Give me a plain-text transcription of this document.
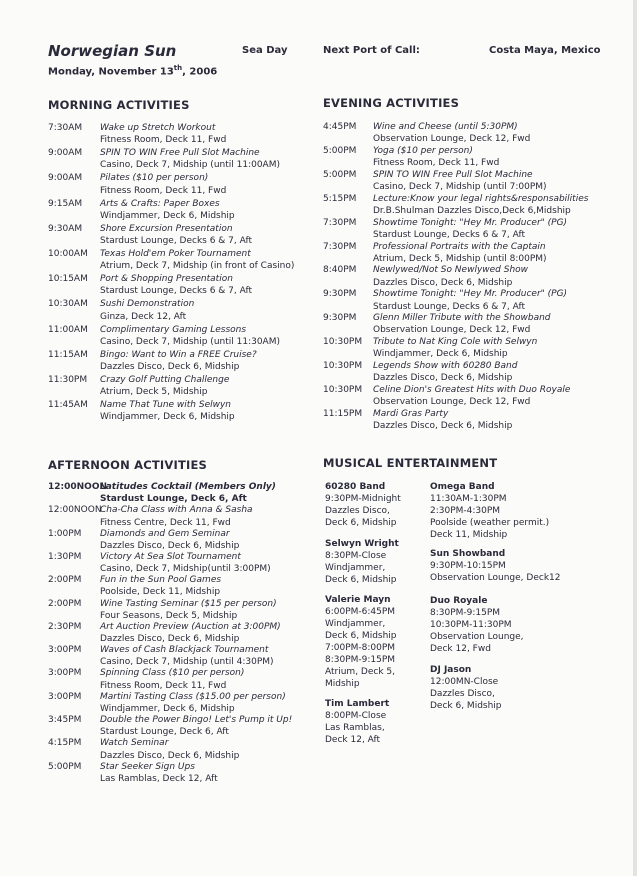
Norwegian Sun
Monday, November 13th, 2006
Sea Day	Next Port of Call:	Costa Maya, Mexico
MORNING ACTIVITIES	EVENING ACTIVITIES
AFTERNOON ACTIVITIES	MUSICAL ENTERTAINMENT
7:30AM Wake up Stretch Workout
Fitness Room, Deck 11, Fwd
9:00AM SPIN TO WIN Free Pull Slot Machine
Casino, Deck 7, Midship (until 11:00AM)
9:00AM Pilates ($10 per person)
Fitness Room, Deck 11, Fwd
9:15AM Arts & Crafts: Paper Boxes
Windjammer, Deck 6, Midship
9:30AM Shore Excursion Presentation
Stardust Lounge, Decks 6 & 7, Aft
10:00AM Texas Hold'em Poker Tournament
Atrium, Deck 7, Midship (in front of Casino)
10:15AM Port & Shopping Presentation
Stardust Lounge, Decks 6 & 7, Aft
10:30AM Sushi Demonstration
Ginza, Deck 12, Aft
11:00AM Complimentary Gaming Lessons
Casino, Deck 7, Midship (until 11:30AM)
11:15AM Bingo: Want to Win a FREE Cruise?
Dazzles Disco, Deck 6, Midship
11:30PM Crazy Golf Putting Challenge
Atrium, Deck 5, Midship
11:45AM Name That Tune with Selwyn
Windjammer, Deck 6, Midship
4:45PM Wine and Cheese (until 5:30PM)
Observation Lounge, Deck 12, Fwd
5:00PM Yoga ($10 per person)
Fitness Room, Deck 11, Fwd
5:00PM SPIN TO WIN Free Pull Slot Machine
Casino, Deck 7, Midship (until 7:00PM)
5:15PM Lecture:Know your legal rights&responsabilities
Dr.B.Shulman Dazzles Disco,Deck 6,Midship
7:30PM Showtime Tonight: "Hey Mr. Producer" (PG)
Stardust Lounge, Decks 6 & 7, Aft
7:30PM Professional Portraits with the Captain
Atrium, Deck 5, Midship (until 8:00PM)
8:40PM Newlywed/Not So Newlywed Show
Dazzles Disco, Deck 6, Midship
9:30PM Showtime Tonight: "Hey Mr. Producer" (PG)
Stardust Lounge, Decks 6 & 7, Aft
9:30PM Glenn Miller Tribute with the Showband
Observation Lounge, Deck 12, Fwd
10:30PM Tribute to Nat King Cole with Selwyn
Windjammer, Deck 6, Midship
10:30PM Legends Show with 60280 Band
Dazzles Disco, Deck 6, Midship
10:30PM Celine Dion's Greatest Hits with Duo Royale
Observation Lounge, Deck 12, Fwd
11:15PM Mardi Gras Party
Dazzles Disco, Deck 6, Midship
12:00NOON
Latitudes Cocktail (Members Only)
Stardust Lounge, Deck 6, Aft
12:00NOON
Cha-Cha Class with Anna & Sasha
Fitness Centre, Deck 11, Fwd
1:00PM Diamonds and Gem Seminar
Dazzles Disco, Deck 6, Midship
1:30PM Victory At Sea Slot Tournament
Casino, Deck 7, Midship(until 3:00PM)
2:00PM Fun in the Sun Pool Games
Poolside, Deck 11, Midship
2:00PM Wine Tasting Seminar ($15 per person)
Four Seasons, Deck 5, Midship
2:30PM Art Auction Preview (Auction at 3:00PM)
Dazzles Disco, Deck 6, Midship
3:00PM Waves of Cash Blackjack Tournament
Casino, Deck 7, Midship (until 4:30PM)
3:00PM Spinning Class ($10 per person)
Fitness Room, Deck 11, Fwd
3:00PM Martini Tasting Class ($15.00 per person)
Windjammer, Deck 6, Midship
3:45PM Double the Power Bingo! Let's Pump it Up!
Stardust Lounge, Deck 6, Aft
4:15PM Watch Seminar
Dazzles Disco, Deck 6, Midship
5:00PM Star Seeker Sign Ups
Las Ramblas, Deck 12, Aft
60280 Band
9:30PM-Midnight
Dazzles Disco,
Deck 6, Midship
Selwyn Wright
8:30PM-Close
Windjammer,
Deck 6, Midship
Valerie Mayn
6:00PM-6:45PM
Windjammer,
Deck 6, Midship
7:00PM-8:00PM
8:30PM-9:15PM
Atrium, Deck 5,
Midship
Tim Lambert
8:00PM-Close
Las Ramblas,
Deck 12, Aft
Omega Band
11:30AM-1:30PM
2:30PM-4:30PM
Poolside (weather permit.)
Deck 11, Midship
Sun Showband
9:30PM-10:15PM
Observation Lounge, Deck12
Duo Royale
8:30PM-9:15PM
10:30PM-11:30PM
Observation Lounge,
Deck 12, Fwd
DJ Jason
12:00MN-Close
Dazzles Disco,
Deck 6, Midship
